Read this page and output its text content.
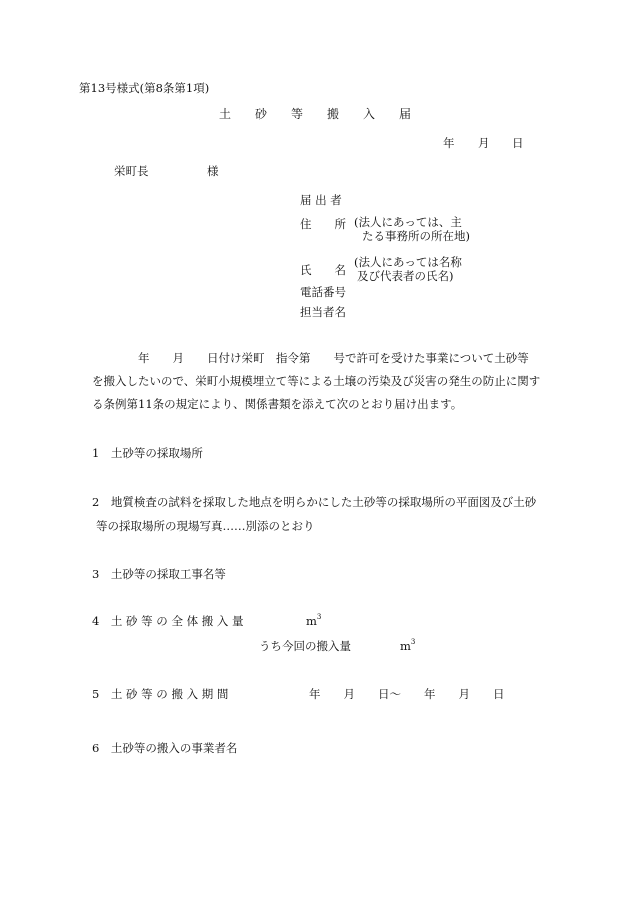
第13号様式(第8条第1項)
土 砂 等 搬 入 届
年 月 日
栄町長	様
届 出 者
住　　所 (法人にあっては、主
たる事務所の所在地)
氏　　名
(法人にあっては名称
及び代表者の氏名)
電話番号
担当者名
　　　　年　　月　　日付け栄町　指令第　　号で許可を受けた事業について土砂等
を搬入したいので、栄町小規模埋立て等による土壌の汚染及び災害の発生の防止に関す
る条例第11条の規定により、関係書類を添えて次のとおり届け出ます。
1　土砂等の採取場所
2　地質検査の試料を採取した地点を明らかにした土砂等の採取場所の平面図及び土砂
等の採取場所の現場写真……別添のとおり
3　土砂等の採取工事名等
4　土 砂 等 の 全 体 搬 入 量	$m^3$
うち今回の搬入量	$m^3$
5　土 砂 等 の 搬 入 期 間	年　　月　　日～　　年　　月　　日
6　土砂等の搬入の事業者名
